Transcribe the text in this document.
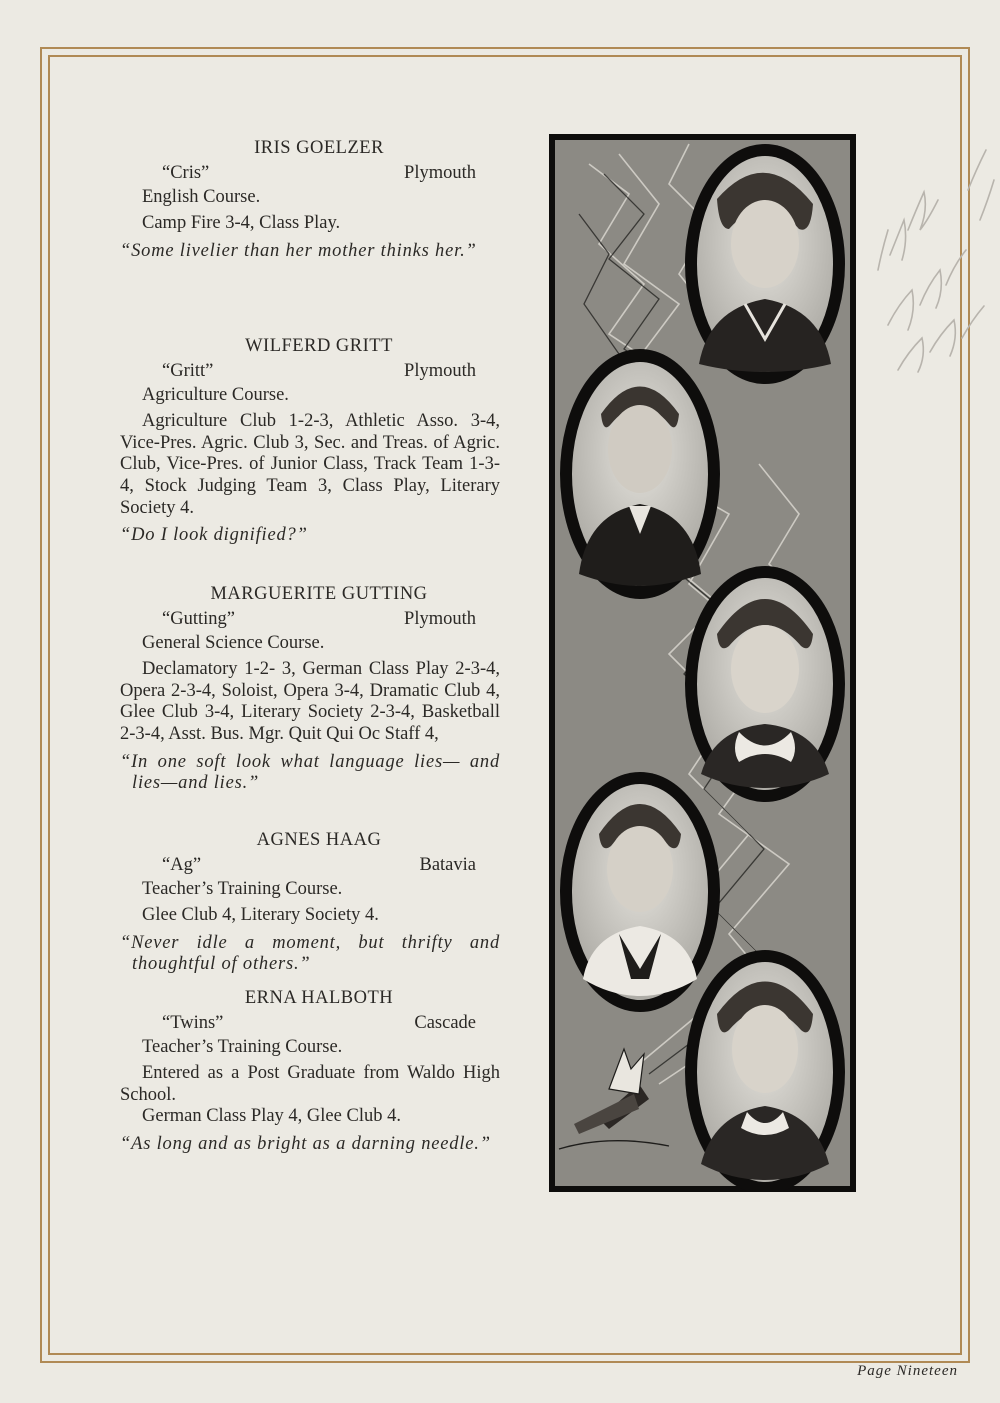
IRIS GOELZER
“Cris”	Plymouth
English Course.
Camp Fire 3-4, Class Play.
“Some livelier than her mother thinks her.”
WILFERD GRITT
“Gritt”	Plymouth
Agriculture Course.
Agriculture Club 1-2-3, Athletic Asso. 3-4, Vice-Pres. Agric. Club 3, Sec. and Treas. of Agric. Club, Vice-Pres. of Junior Class, Track Team 1-3-4, Stock Judging Team 3, Class Play, Literary Society 4.
“Do I look dignified?”
MARGUERITE GUTTING
“Gutting”	Plymouth
General Science Course.
Declamatory 1-2- 3, German Class Play 2-3-4, Opera 2-3-4, Soloist, Opera 3-4, Dramatic Club 4, Glee Club 3-4, Literary Society 2-3-4, Basketball 2-3-4, Asst. Bus. Mgr. Quit Qui Oc Staff 4,
“In one soft look what language lies— and lies—and lies.”
AGNES HAAG
“Ag”	Batavia
Teacher’s Training Course.
Glee Club 4, Literary Society 4.
“Never idle a moment, but thrifty and thoughtful of others.”
ERNA HALBOTH
“Twins”	Cascade
Teacher’s Training Course.
Entered as a Post Graduate from Waldo High School.
German Class Play 4, Glee Club 4.
“As long and as bright as a darning needle.”
Page Nineteen
